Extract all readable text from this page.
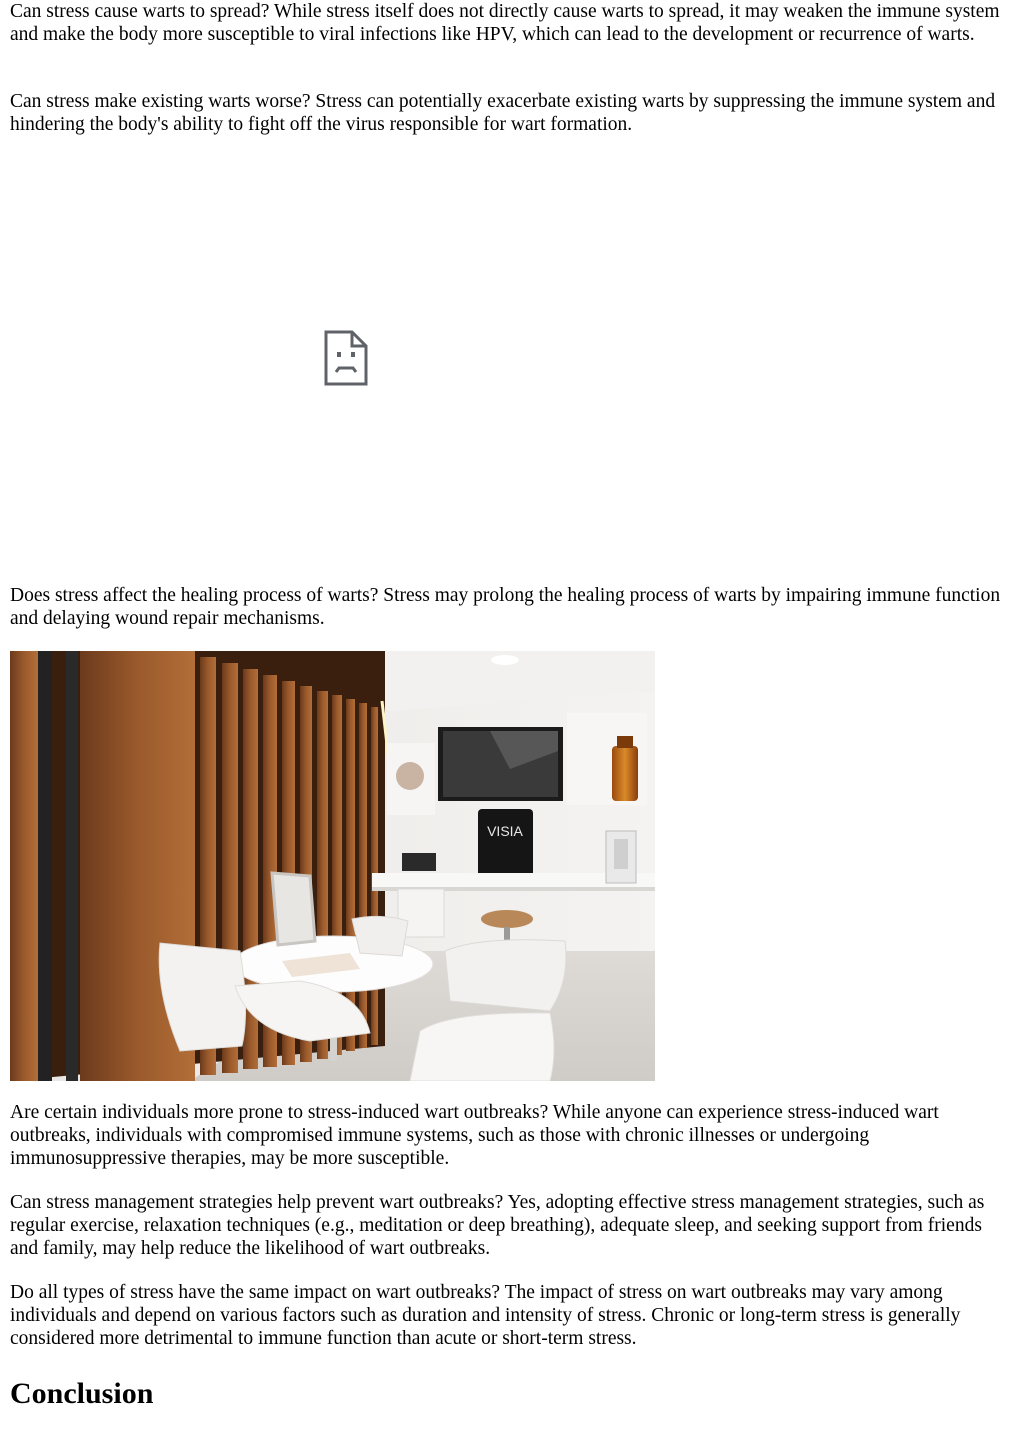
Can stress cause warts to spread? While stress itself does not directly cause warts to spread, it may weaken the immune system and make the body more susceptible to viral infections like HPV, which can lead to the development or recurrence of warts.

Can stress make existing warts worse? Stress can potentially exacerbate existing warts by suppressing the immune system and hindering the body's ability to fight off the virus responsible for wart formation.

Does stress affect the healing process of warts? Stress may prolong the healing process of warts by impairing immune function and delaying wound repair mechanisms.

VISIA

Are certain individuals more prone to stress-induced wart outbreaks? While anyone can experience stress-induced wart outbreaks, individuals with compromised immune systems, such as those with chronic illnesses or undergoing immunosuppressive therapies, may be more susceptible.

Can stress management strategies help prevent wart outbreaks? Yes, adopting effective stress management strategies, such as regular exercise, relaxation techniques (e.g., meditation or deep breathing), adequate sleep, and seeking support from friends and family, may help reduce the likelihood of wart outbreaks.

Do all types of stress have the same impact on wart outbreaks? The impact of stress on wart outbreaks may vary among individuals and depend on various factors such as duration and intensity of stress. Chronic or long-term stress is generally considered more detrimental to immune function than acute or short-term stress.

Conclusion
